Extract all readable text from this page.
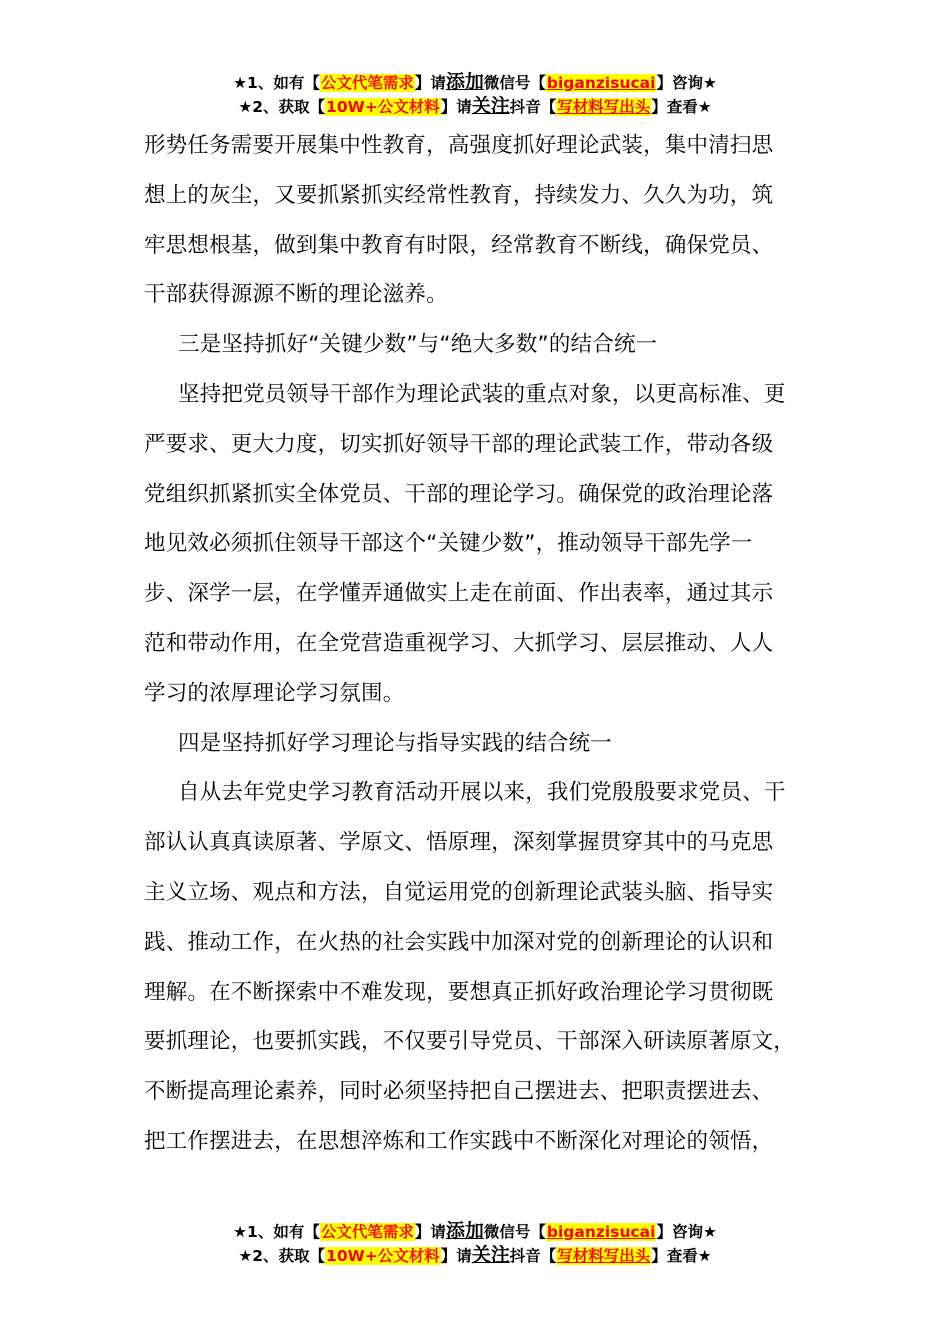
★1、如有【公文代笔需求】请添加微信号【biganzisucai】咨询★
★2、获取【10W+公文材料】请关注抖音【写材料写出头】查看★
形势任务需要开展集中性教育，高强度抓好理论武装，集中清扫思
想上的灰尘，又要抓紧抓实经常性教育，持续发力、久久为功，筑
牢思想根基，做到集中教育有时限，经常教育不断线，确保党员、
干部获得源源不断的理论滋养。
三是坚持抓好“关键少数”与“绝大多数”的结合统一
坚持把党员领导干部作为理论武装的重点对象，以更高标准、更
严要求、更大力度，切实抓好领导干部的理论武装工作，带动各级
党组织抓紧抓实全体党员、干部的理论学习。确保党的政治理论落
地见效必须抓住领导干部这个“关键少数”，推动领导干部先学一
步、深学一层，在学懂弄通做实上走在前面、作出表率，通过其示
范和带动作用，在全党营造重视学习、大抓学习、层层推动、人人
学习的浓厚理论学习氛围。
四是坚持抓好学习理论与指导实践的结合统一
自从去年党史学习教育活动开展以来，我们党殷殷要求党员、干
部认认真真读原著、学原文、悟原理，深刻掌握贯穿其中的马克思
主义立场、观点和方法，自觉运用党的创新理论武装头脑、指导实
践、推动工作，在火热的社会实践中加深对党的创新理论的认识和
理解。在不断探索中不难发现，要想真正抓好政治理论学习贯彻既
要抓理论，也要抓实践，不仅要引导党员、干部深入研读原著原文，
不断提高理论素养，同时必须坚持把自己摆进去、把职责摆进去、
把工作摆进去，在思想淬炼和工作实践中不断深化对理论的领悟，
★1、如有【公文代笔需求】请添加微信号【biganzisucai】咨询★
★2、获取【10W+公文材料】请关注抖音【写材料写出头】查看★
